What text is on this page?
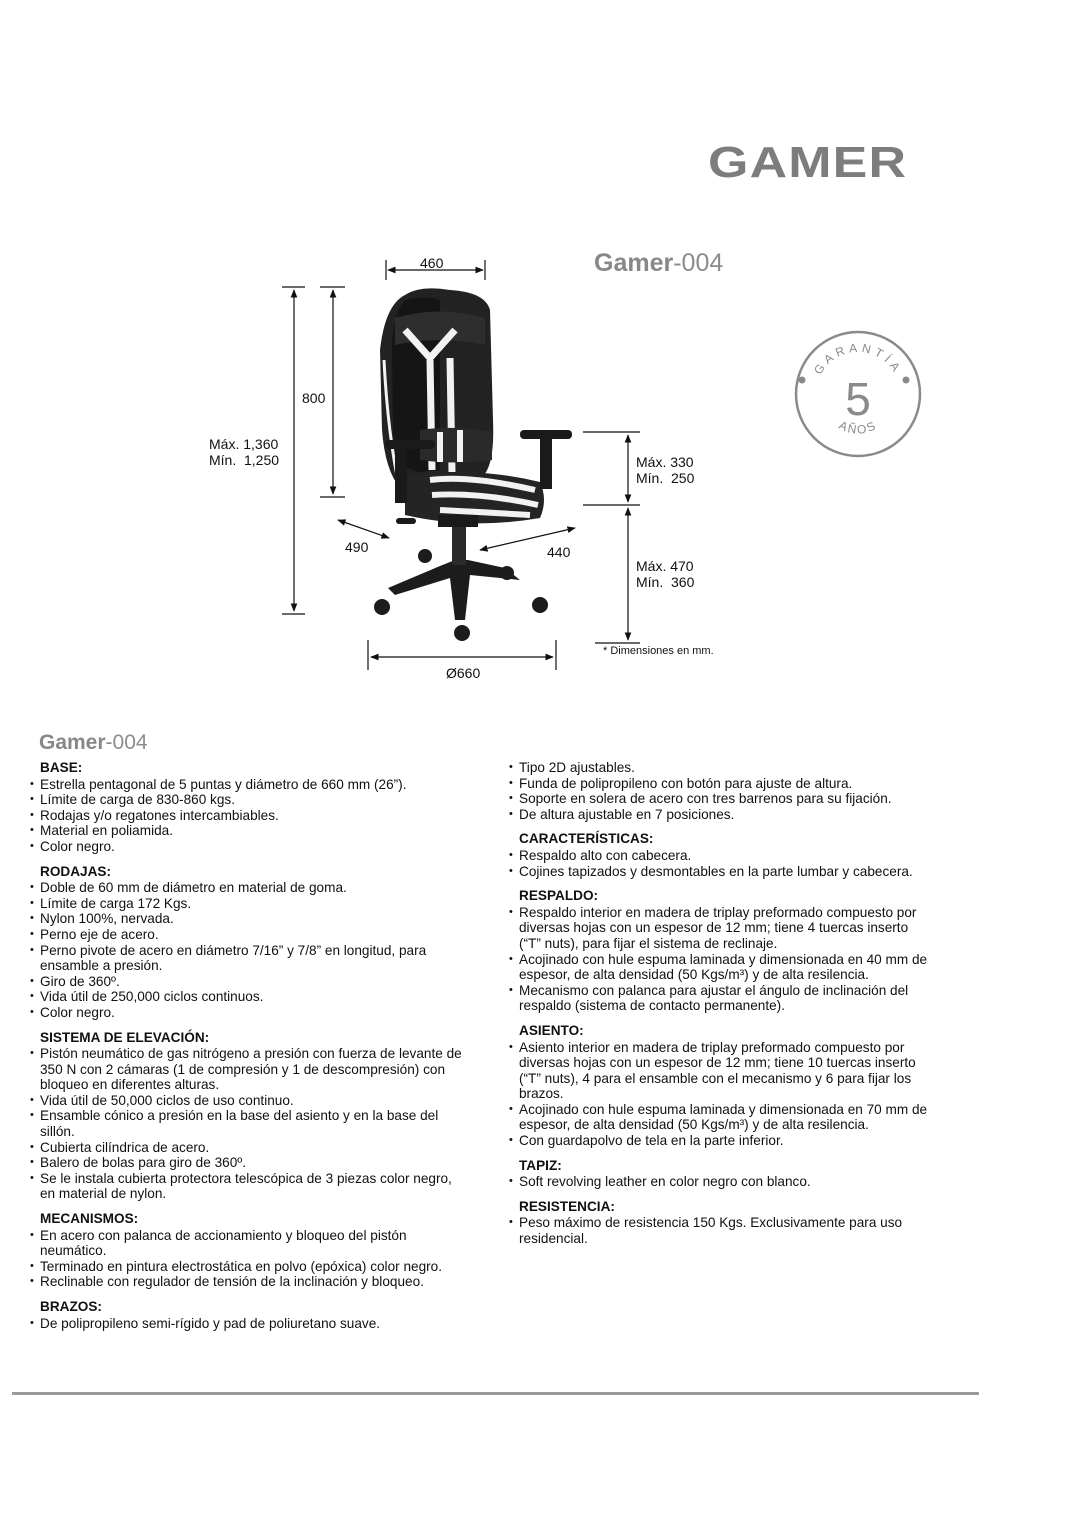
GAMER
Gamer-004
460
800
Máx. 1,360
Mín.  1,250	Máx. 330
Mín.  250
Máx. 470
Mín.  360
490	440
Ø660
* Dimensiones en mm.
GARANTÍA
5
AÑOS
Gamer-004
BASE:
• Estrella pentagonal de 5 puntas y diámetro de 660 mm (26”).
• Límite de carga de 830-860 kgs.
• Rodajas y/o regatones intercambiables.
• Material en poliamida.
• Color negro.
RODAJAS:
• Doble de 60 mm de diámetro en material de goma.
• Límite de carga 172 Kgs.
• Nylon 100%, nervada.
• Perno eje de acero.
• Perno pivote de acero en diámetro 7/16” y 7/8” en longitud, para ensamble a presión.
• Giro de 360º.
• Vida útil de 250,000 ciclos continuos.
• Color negro.
SISTEMA DE ELEVACIÓN:
• Pistón neumático de gas nitrógeno a presión con fuerza de levante de 350 N con 2 cámaras (1 de compresión y 1 de descompresión) con bloqueo en diferentes alturas.
• Vida útil de 50,000 ciclos de uso continuo.
• Ensamble cónico a presión en la base del asiento y en la base del sillón.
• Cubierta cilíndrica de acero.
• Balero de bolas para giro de 360º.
• Se le instala cubierta protectora telescópica de 3 piezas color negro, en material de nylon.
MECANISMOS:
• En acero con palanca de accionamiento y bloqueo del pistón neumático.
• Terminado en pintura electrostática en polvo (epóxica) color negro.
• Reclinable con regulador de tensión de la inclinación y bloqueo.
BRAZOS:
• De polipropileno semi-rígido y pad de poliuretano suave.
• Tipo 2D ajustables.
• Funda de polipropileno con botón para ajuste de altura.
• Soporte en solera de acero con tres barrenos para su fijación.
• De altura ajustable en 7 posiciones.
CARACTERÍSTICAS:
• Respaldo alto con cabecera.
• Cojines tapizados y desmontables en la parte lumbar y cabecera.
RESPALDO:
• Respaldo interior en madera de triplay preformado compuesto por diversas hojas con un espesor de 12 mm; tiene 4 tuercas inserto (“T” nuts), para fijar el sistema de reclinaje.
• Acojinado con hule espuma laminada y dimensionada en 40 mm de espesor, de alta densidad (50 Kgs/m³) y de alta resilencia.
• Mecanismo con palanca para ajustar el ángulo de inclinación del respaldo (sistema de contacto permanente).
ASIENTO:
• Asiento interior en madera de triplay preformado compuesto por diversas hojas con un espesor de 12 mm; tiene 10 tuercas inserto (“T” nuts), 4 para el ensamble con el mecanismo y 6 para fijar los brazos.
• Acojinado con hule espuma laminada y dimensionada en 70 mm de espesor, de alta densidad (50 Kgs/m³) y de alta resilencia.
• Con guardapolvo de tela en la parte inferior.
TAPIZ:
• Soft revolving leather en color negro con blanco.
RESISTENCIA:
• Peso máximo de resistencia 150 Kgs. Exclusivamente para uso residencial.
